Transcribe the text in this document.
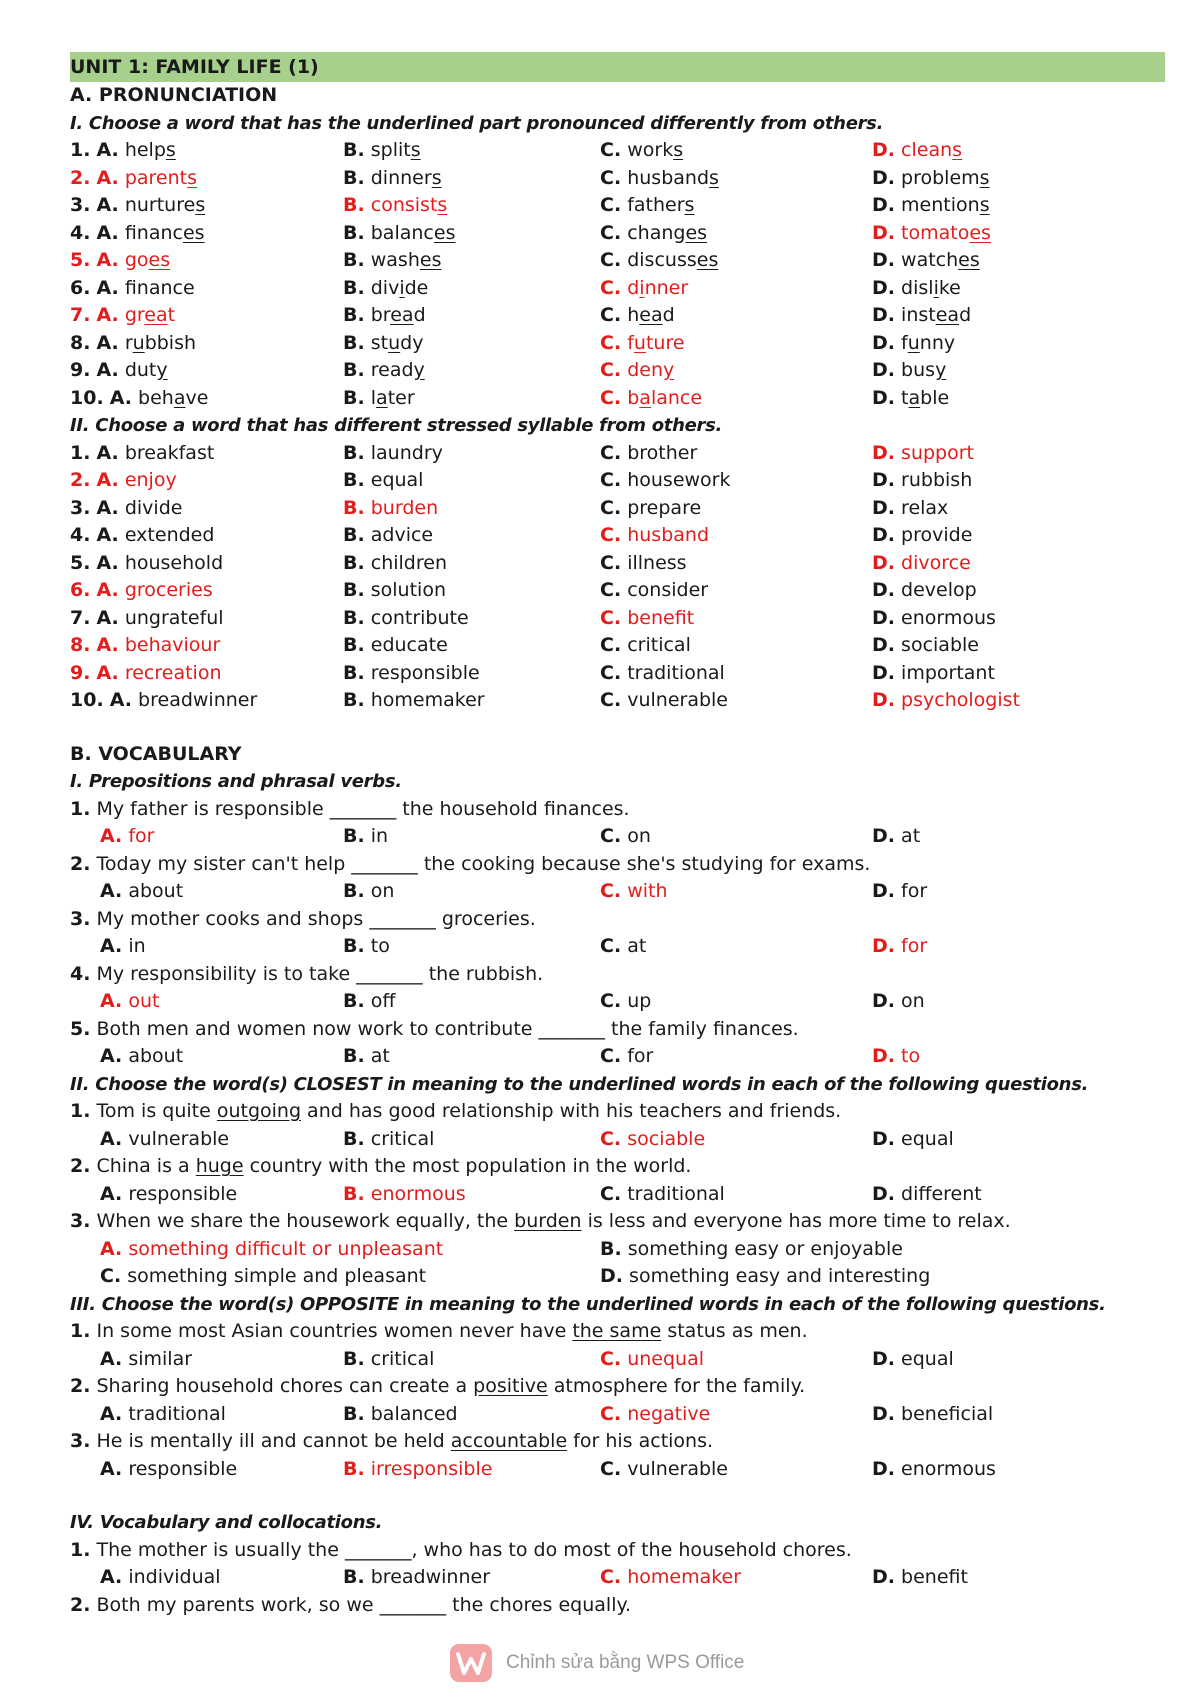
UNIT 1: FAMILY LIFE (1)
A. PRONUNCIATION
I. Choose a word that has the underlined part pronounced differently from others.
1. A. helps	B. splits	C. works	D. cleans
2. A. parents	B. dinners	C. husbands	D. problems
3. A. nurtures	B. consists	C. fathers	D. mentions
4. A. finances	B. balances	C. changes	D. tomatoes
5. A. goes	B. washes	C. discusses	D. watches
6. A. fnance	B. divide	C. dinner	D. dislike
7. A. great	B. bread	C. head	D. instead
8. A. rubbish	B. study	C. future	D. funny
9. A. duty	B. ready	C. deny	D. busy
10. A. behave	B. later	C. balance	D. table
II. Choose a word that has different stressed syllable from others.
1. A. breakfast	B. laundry	C. brother	D. support
2. A. enjoy	B. equal	C. housework	D. rubbish
3. A. divide	B. burden	C. prepare	D. relax
4. A. extended	B. advice	C. husband	D. provide
5. A. household	B. children	C. illness	D. divorce
6. A. groceries	B. solution	C. consider	D. develop
7. A. ungrateful	B. contribute	C. benefit	D. enormous
8. A. behaviour	B. educate	C. critical	D. sociable
9. A. recreation	B. responsible	C. traditional	D. important
10. A. breadwinner	B. homemaker	C. vulnerable	D. psychologist
B. VOCABULARY
I. Prepositions and phrasal verbs.
1. My father is responsible _______ the household finances.
A. for	B. in	C. on	D. at
2. Today my sister can't help _______ the cooking because she's studying for exams.
A. about	B. on	C. with	D. for
3. My mother cooks and shops _______ groceries.
A. in	B. to	C. at	D. for
4. My responsibility is to take _______ the rubbish.
A. out	B. off	C. up	D. on
5. Both men and women now work to contribute _______ the family finances.
A. about	B. at	C. for	D. to
II. Choose the word(s) CLOSEST in meaning to the underlined words in each of the following questions.
1. Tom is quite outgoing and has good relationship with his teachers and friends.
A. vulnerable	B. critical	C. sociable	D. equal
2. China is a huge country with the most population in the world.
A. responsible	B. enormous	C. traditional	D. different
3. When we share the housework equally, the burden is less and everyone has more time to relax.
A. something difficult or unpleasant	B. something easy or enjoyable
C. something simple and pleasant	D. something easy and interesting
III. Choose the word(s) OPPOSITE in meaning to the underlined words in each of the following questions.
1. In some most Asian countries women never have the same status as men.
A. similar	B. critical	C. unequal	D. equal
2. Sharing household chores can create a positive atmosphere for the family.
A. traditional	B. balanced	C. negative	D. beneficial
3. He is mentally ill and cannot be held accountable for his actions.
A. responsible	B. irresponsible	C. vulnerable	D. enormous
IV. Vocabulary and collocations.
1. The mother is usually the _______, who has to do most of the household chores.
A. individual	B. breadwinner	C. homemaker	D. benefit
2. Both my parents work, so we _______ the chores equally.
Chỉnh sửa bằng WPS Office
